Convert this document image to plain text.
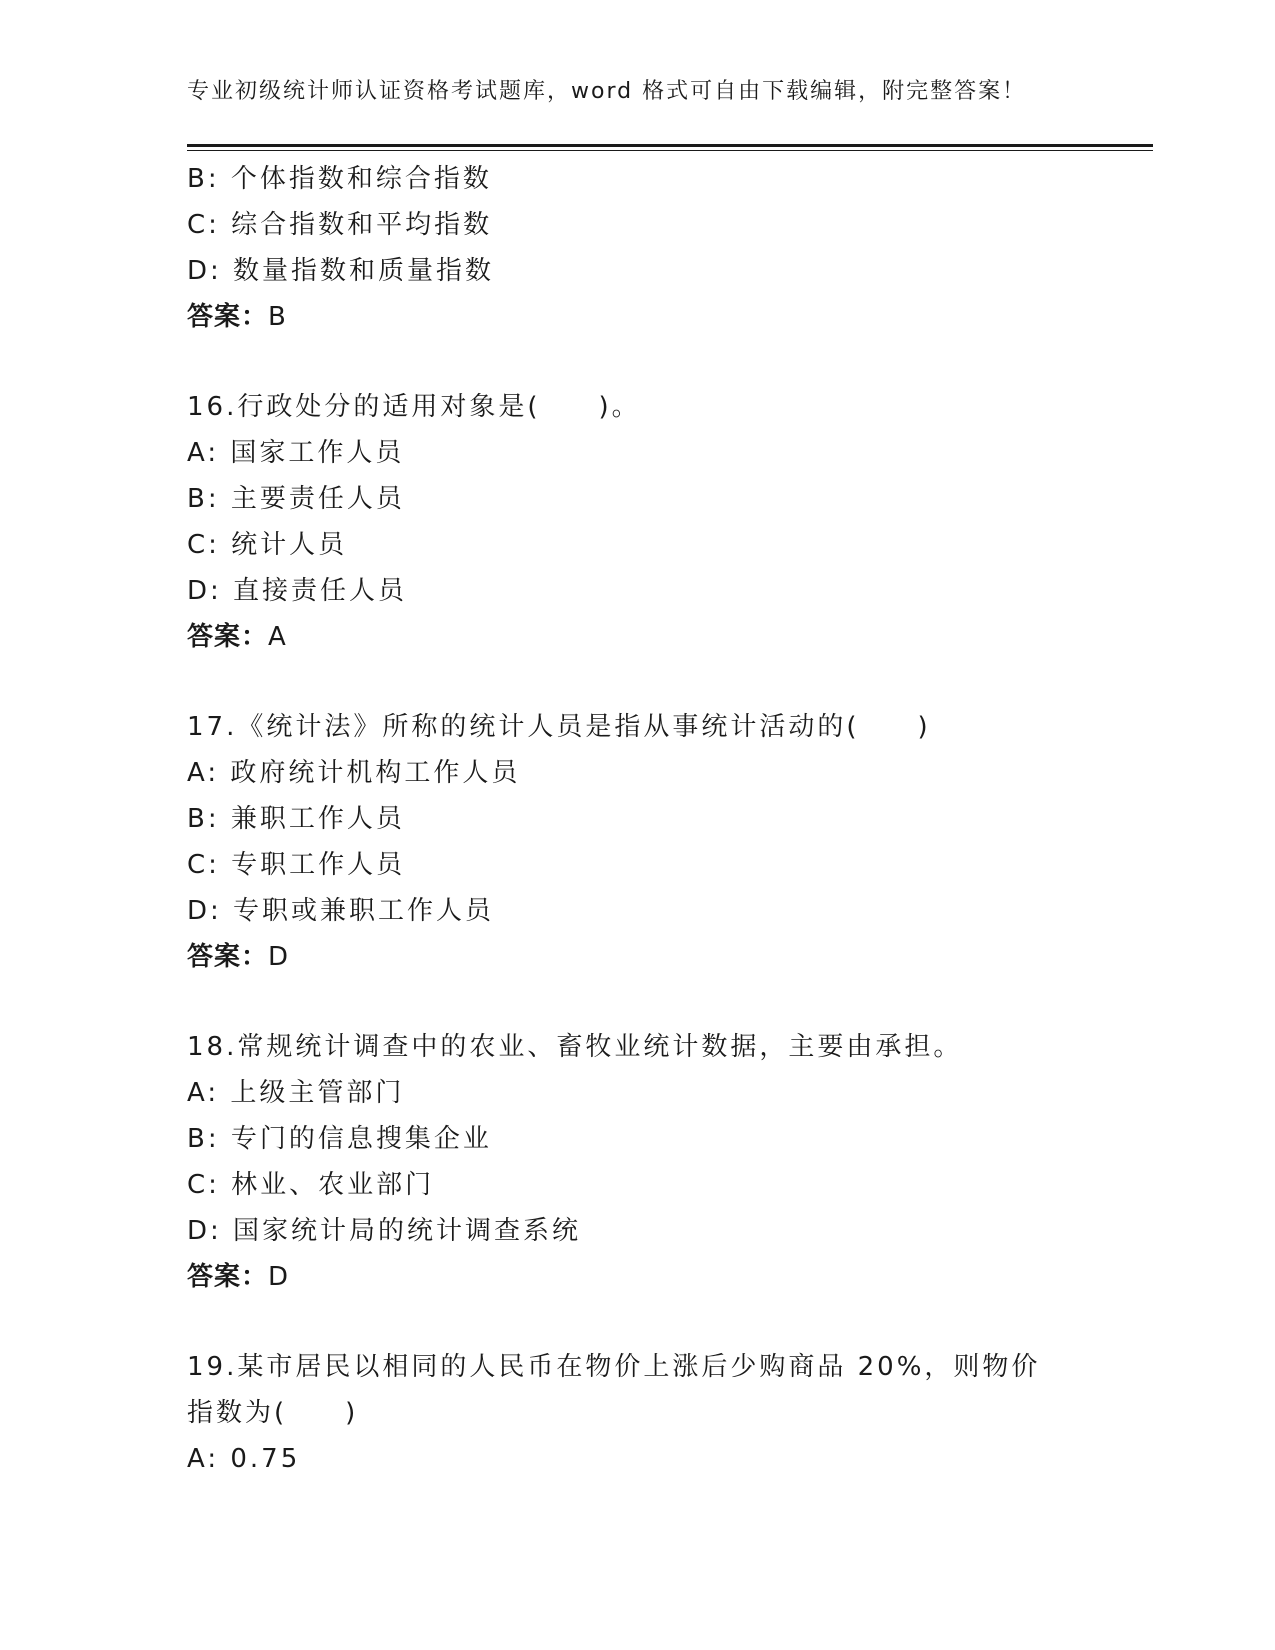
专业初级统计师认证资格考试题库，word 格式可自由下载编辑，附完整答案！
B: 个体指数和综合指数
C: 综合指数和平均指数
D: 数量指数和质量指数
答案：B
16.行政处分的适用对象是(　　)。
A: 国家工作人员
B: 主要责任人员
C: 统计人员
D: 直接责任人员
答案：A
17.《统计法》所称的统计人员是指从事统计活动的(　　)
A: 政府统计机构工作人员
B: 兼职工作人员
C: 专职工作人员
D: 专职或兼职工作人员
答案：D
18.常规统计调查中的农业、畜牧业统计数据，主要由承担。
A: 上级主管部门
B: 专门的信息搜集企业
C: 林业、农业部门
D: 国家统计局的统计调查系统
答案：D
19.某市居民以相同的人民币在物价上涨后少购商品 20%，则物价指数为(　　)
A: 0.75
